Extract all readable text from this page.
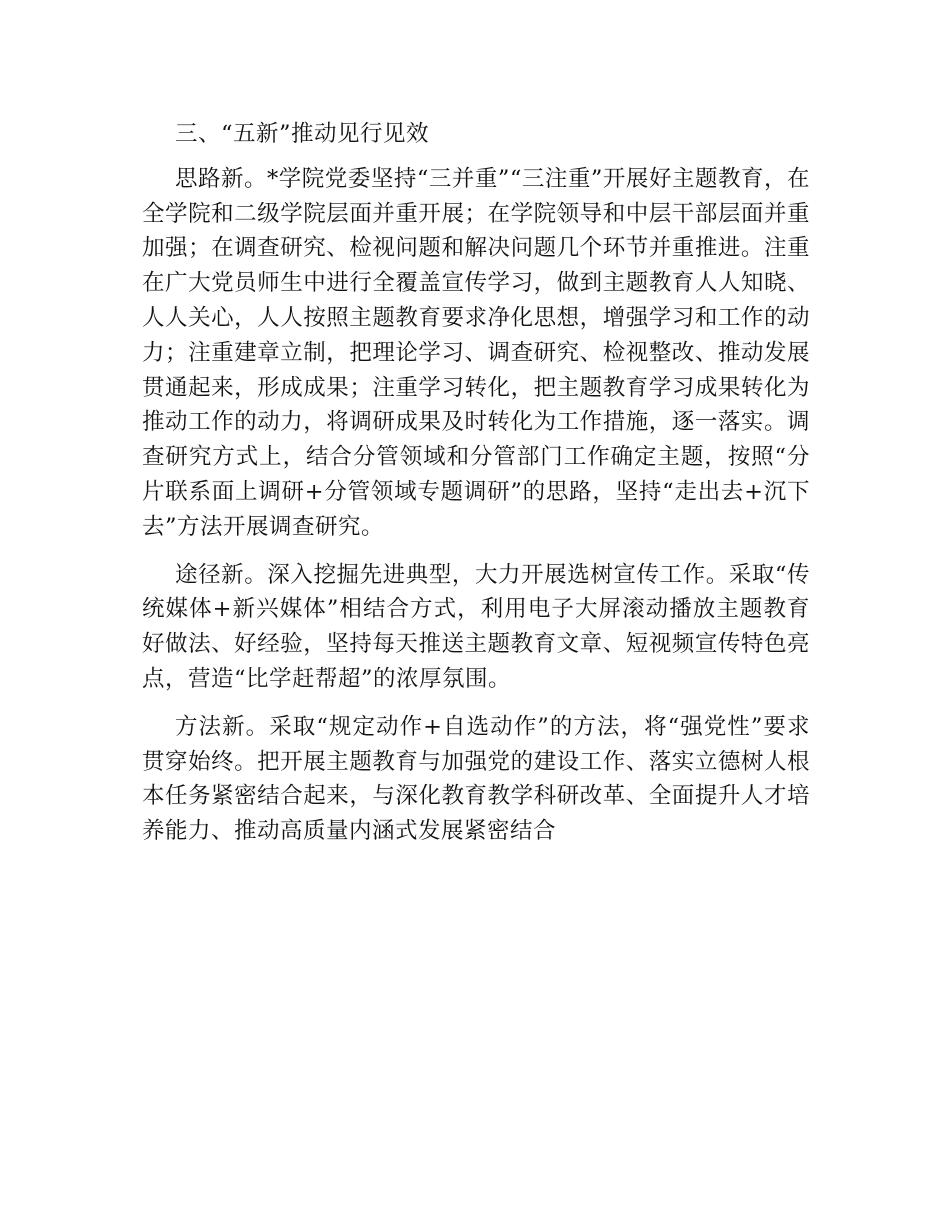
三、“五新”推动见行见效

思路新。*学院党委坚持“三并重”“三注重”开展好主题教育，在全学院和二级学院层面并重开展；在学院领导和中层干部层面并重加强；在调查研究、检视问题和解决问题几个环节并重推进。注重在广大党员师生中进行全覆盖宣传学习，做到主题教育人人知晓、人人关心，人人按照主题教育要求净化思想，增强学习和工作的动力；注重建章立制，把理论学习、调查研究、检视整改、推动发展贯通起来，形成成果；注重学习转化，把主题教育学习成果转化为推动工作的动力，将调研成果及时转化为工作措施，逐一落实。调查研究方式上，结合分管领域和分管部门工作确定主题，按照“分片联系面上调研+分管领域专题调研”的思路，坚持“走出去+沉下去”方法开展调查研究。

途径新。深入挖掘先进典型，大力开展选树宣传工作。采取“传统媒体+新兴媒体”相结合方式，利用电子大屏滚动播放主题教育好做法、好经验，坚持每天推送主题教育文章、短视频宣传特色亮点，营造“比学赶帮超”的浓厚氛围。

方法新。采取“规定动作+自选动作”的方法，将“强党性”要求贯穿始终。把开展主题教育与加强党的建设工作、落实立德树人根本任务紧密结合起来，与深化教育教学科研改革、全面提升人才培养能力、推动高质量内涵式发展紧密结合
